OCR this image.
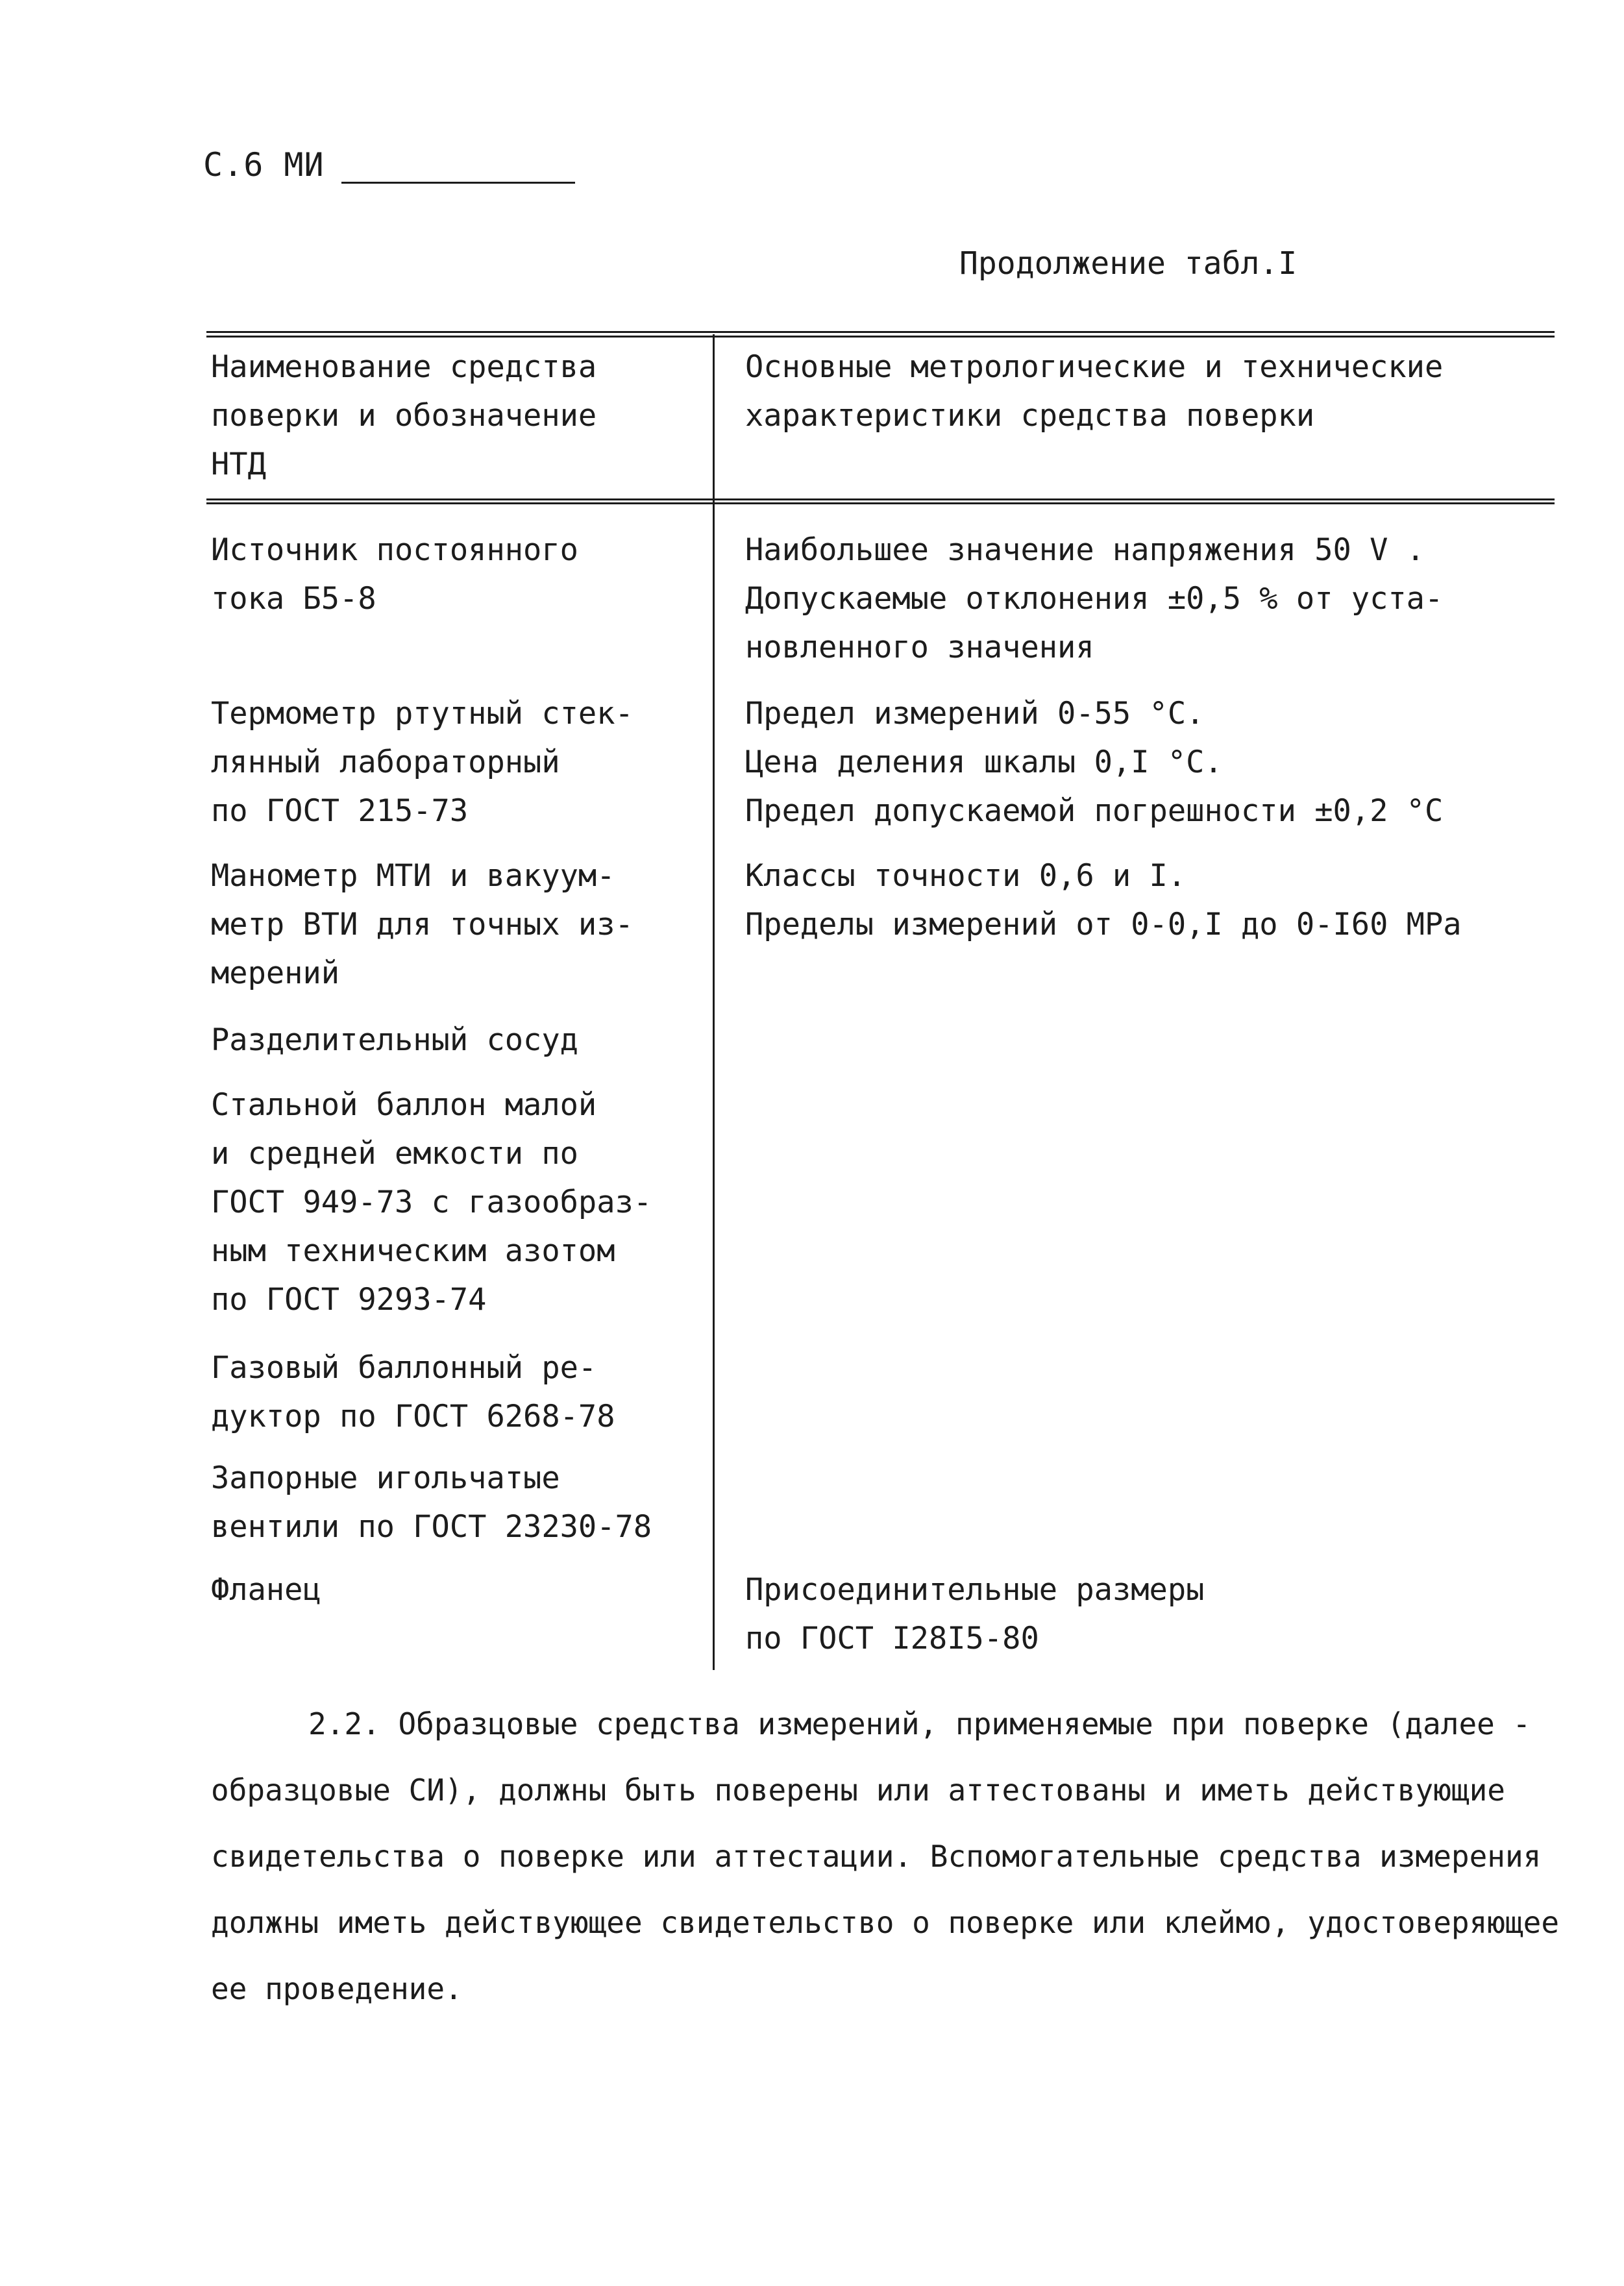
С.6 МИ
Продолжение табл.I
Наименование средства
поверки и обозначение
НТД
Основные метрологические и технические
характеристики средства поверки
Источник постоянного
тока Б5-8
Наибольшее значение напряжения 50 V .
Допускаемые отклонения ±0,5 % от уста-
новленного значения
Термометр ртутный стек-
лянный лабораторный
по ГОСТ 215-73
Предел измерений 0-55 °С.
Цена деления шкалы 0,I °С.
Предел допускаемой погрешности ±0,2 °С
Манометр МТИ и вакуум-
метр ВТИ для точных из-
мерений
Классы точности 0,6 и I.
Пределы измерений от 0-0,I до 0-I60 МРа
Разделительный сосуд
Стальной баллон малой
и средней емкости по
ГОСТ 949-73 с газообраз-
ным техническим азотом
по ГОСТ 9293-74
Газовый баллонный ре-
дуктор по ГОСТ 6268-78
Запорные игольчатые
вентили по ГОСТ 23230-78
Фланец	Присоединительные размеры
по ГОСТ I28I5-80

2.2. Образцовые средства измерений, применяемые при поверке (далее - образцовые СИ), должны быть поверены или аттестованы и иметь действующие свидетельства о поверке или аттестации. Вспомогательные средства измерения должны иметь действующее свидетельство о поверке или клеймо, удостоверяющее ее проведение.
